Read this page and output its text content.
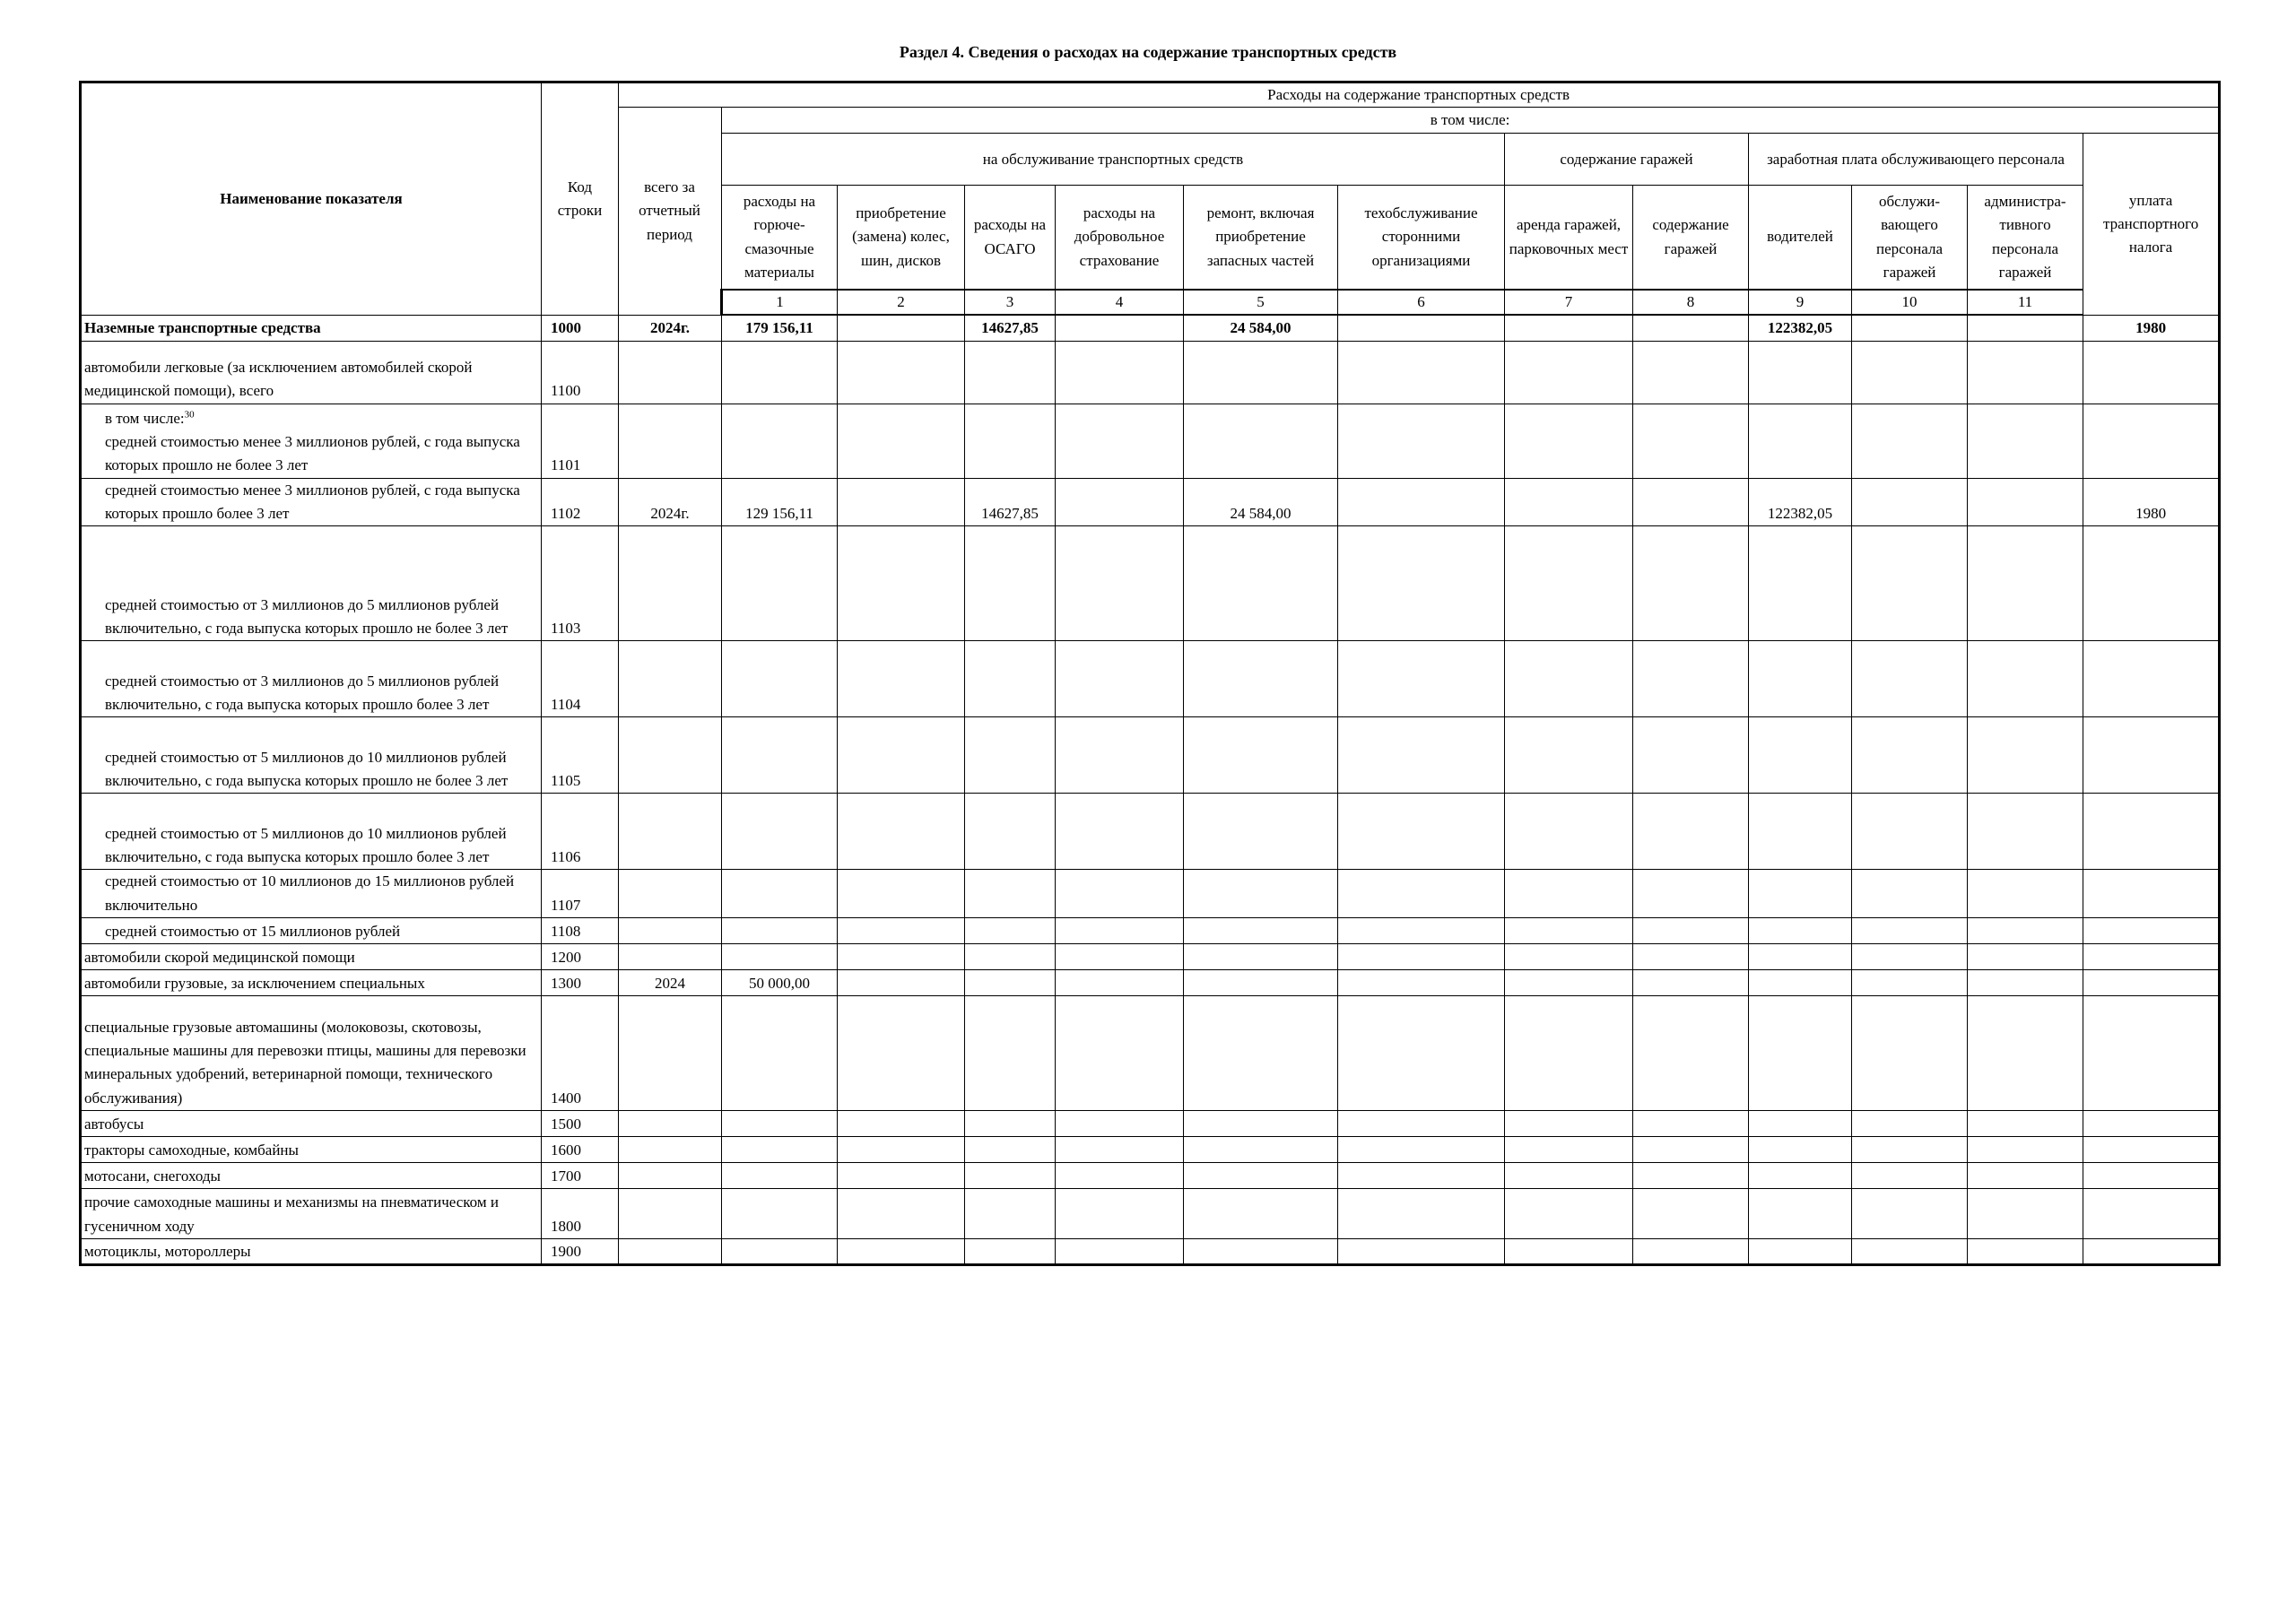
Раздел 4. Сведения о расходах на содержание транспортных средств
Наименование показателя	Код строки	Расходы на содержание транспортных средств													
		всего за отчетный период	в том числе:												
			на обслуживание транспортных средств						содержание гаражей		заработная плата обслуживающего персонала			уплата транспортного налога	
			расходы на горюче-смазочные материалы	приобретение (замена) колес, шин, дисков	расходы на ОСАГО	расходы на добровольное страхование	ремонт, включая приобретение запасных частей	техобслуживание сторонними организациями	аренда гаражей, парковочных мест	содержание гаражей	водителей	обслужи-вающего персонала гаражей	администра-тивного персонала гаражей		
			1	2	3	4	5	6	7	8	9	10	11				
Наземные транспортные средства	1000	2024г.	179 156,11		14627,85		24 584,00				122382,05			1980	
автомобили легковые (за исключением автомобилей скорой медицинской помощи), всего	1100														
в том числе:$^{30}$
средней стоимостью менее 3 миллионов рублей, с года выпуска которых прошло не более 3 лет	1101														
средней стоимостью менее 3 миллионов рублей, с года выпуска которых прошло более 3 лет	1102	2024г.	129 156,11		14627,85		24 584,00				122382,05			1980	
средней стоимостью от 3 миллионов до 5 миллионов рублей включительно, с года выпуска которых прошло не более 3 лет	1103														
средней стоимостью от 3 миллионов до 5 миллионов рублей включительно, с года выпуска которых прошло более 3 лет	1104														
средней стоимостью от 5 миллионов до 10 миллионов рублей включительно, с года выпуска которых прошло не более 3 лет	1105														
средней стоимостью от 5 миллионов до 10 миллионов рублей включительно, с года выпуска которых прошло более 3 лет	1106														
средней стоимостью от 10 миллионов до 15 миллионов рублей включительно	1107														
средней стоимостью от 15 миллионов рублей	1108														
автомобили скорой медицинской помощи	1200														
автомобили грузовые, за исключением специальных	1300	2024	50 000,00												
специальные грузовые автомашины (молоковозы, скотовозы, специальные машины для перевозки птицы, машины для перевозки минеральных удобрений, ветеринарной помощи, технического обслуживания)	1400														
автобусы	1500														
тракторы самоходные, комбайны	1600														
мотосани, снегоходы	1700														
прочие самоходные машины и механизмы на пневматическом и гусеничном ходу	1800														
мотоциклы, мотороллеры	1900														
